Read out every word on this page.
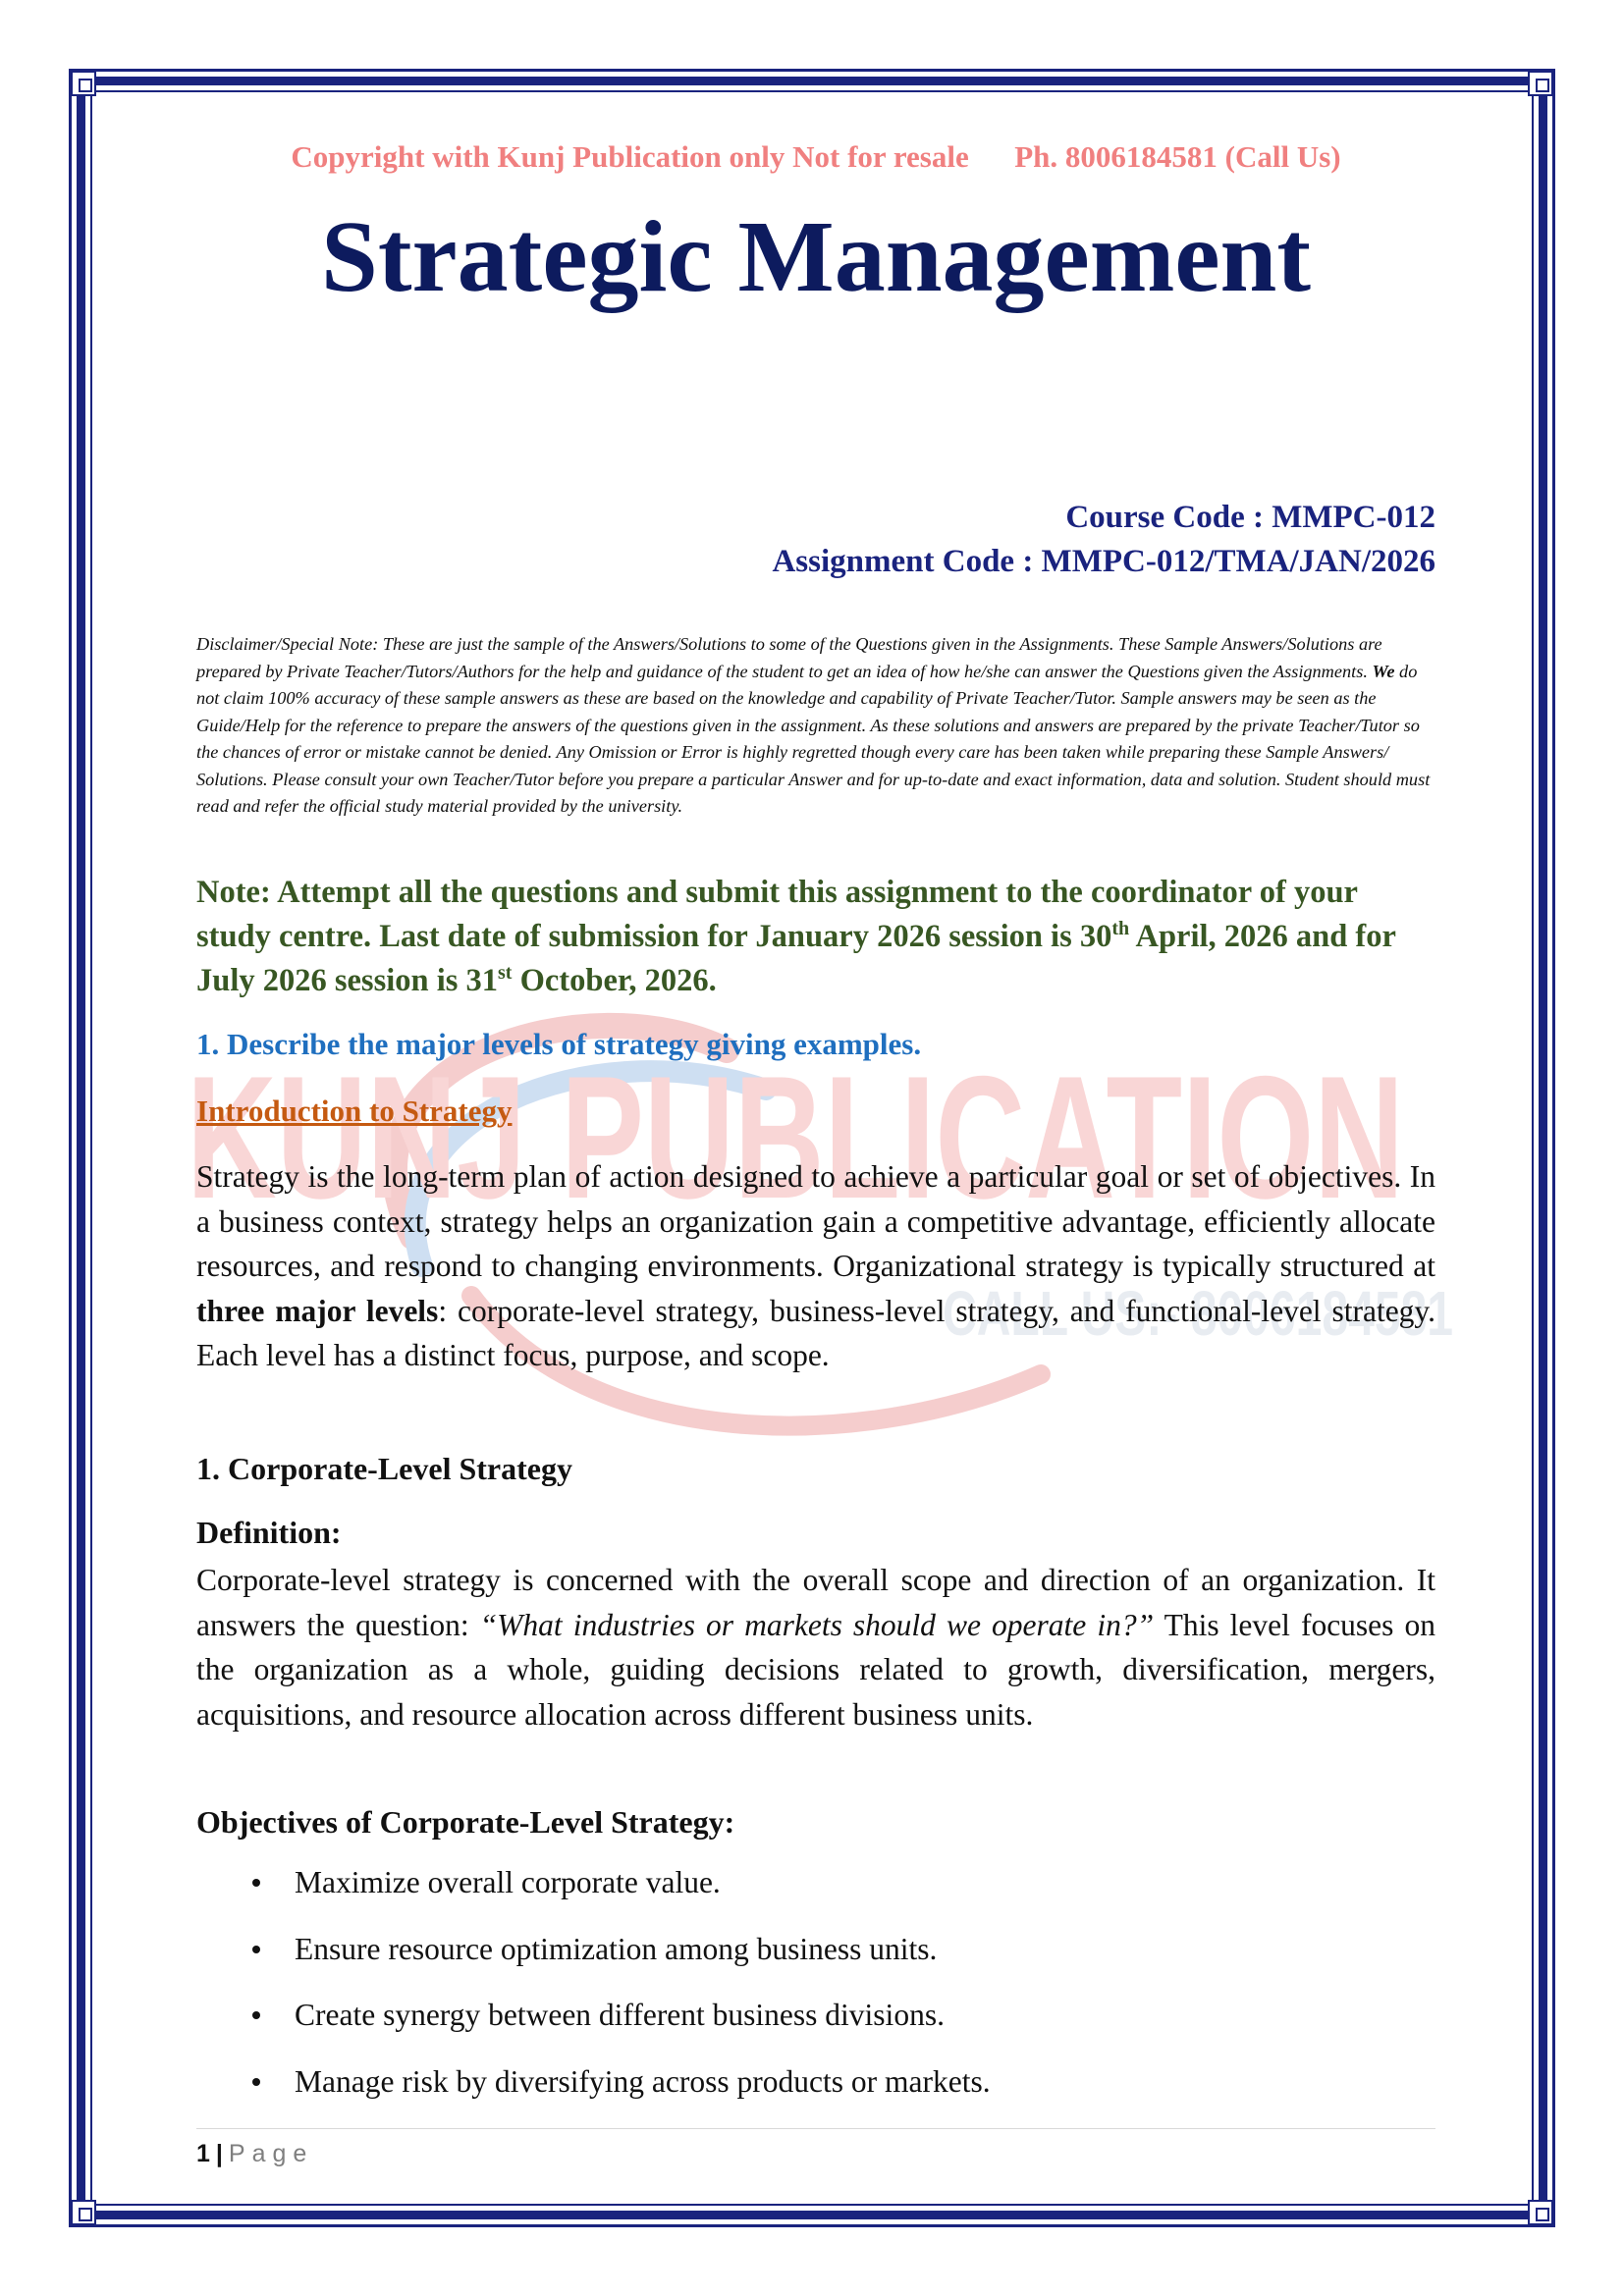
KUNJ PUBLICATION
CALL US:- 8006184581
Copyright with Kunj Publication only Not for resale Ph. 8006184581 (Call Us)
Strategic Management
Course Code : MMPC-012
Assignment Code : MMPC-012/TMA/JAN/2026
Disclaimer/Special Note: These are just the sample of the Answers/Solutions to some of the Questions given in the Assignments. These Sample Answers/Solutions are prepared by Private Teacher/Tutors/Authors for the help and guidance of the student to get an idea of how he/she can answer the Questions given the Assignments. We do not claim 100% accuracy of these sample answers as these are based on the knowledge and capability of Private Teacher/Tutor. Sample answers may be seen as the Guide/Help for the reference to prepare the answers of the questions given in the assignment. As these solutions and answers are prepared by the private Teacher/Tutor so the chances of error or mistake cannot be denied. Any Omission or Error is highly regretted though every care has been taken while preparing these Sample Answers/ Solutions. Please consult your own Teacher/Tutor before you prepare a particular Answer and for up-to-date and exact information, data and solution. Student should must read and refer the official study material provided by the university.
Note: Attempt all the questions and submit this assignment to the coordinator of your study centre. Last date of submission for January 2026 session is 30th April, 2026 and for July 2026 session is 31st October, 2026.
1. Describe the major levels of strategy giving examples.
Introduction to Strategy
Strategy is the long-term plan of action designed to achieve a particular goal or set of objectives. In a business context, strategy helps an organization gain a competitive advantage, efficiently allocate resources, and respond to changing environments. Organizational strategy is typically structured at three major levels: corporate-level strategy, business-level strategy, and functional-level strategy. Each level has a distinct focus, purpose, and scope.
1. Corporate-Level Strategy
Definition:
Corporate-level strategy is concerned with the overall scope and direction of an organization. It answers the question: “What industries or markets should we operate in?” This level focuses on the organization as a whole, guiding decisions related to growth, diversification, mergers, acquisitions, and resource allocation across different business units.
Objectives of Corporate-Level Strategy:
Maximize overall corporate value.
Ensure resource optimization among business units.
Create synergy between different business divisions.
Manage risk by diversifying across products or markets.
1 | Page
